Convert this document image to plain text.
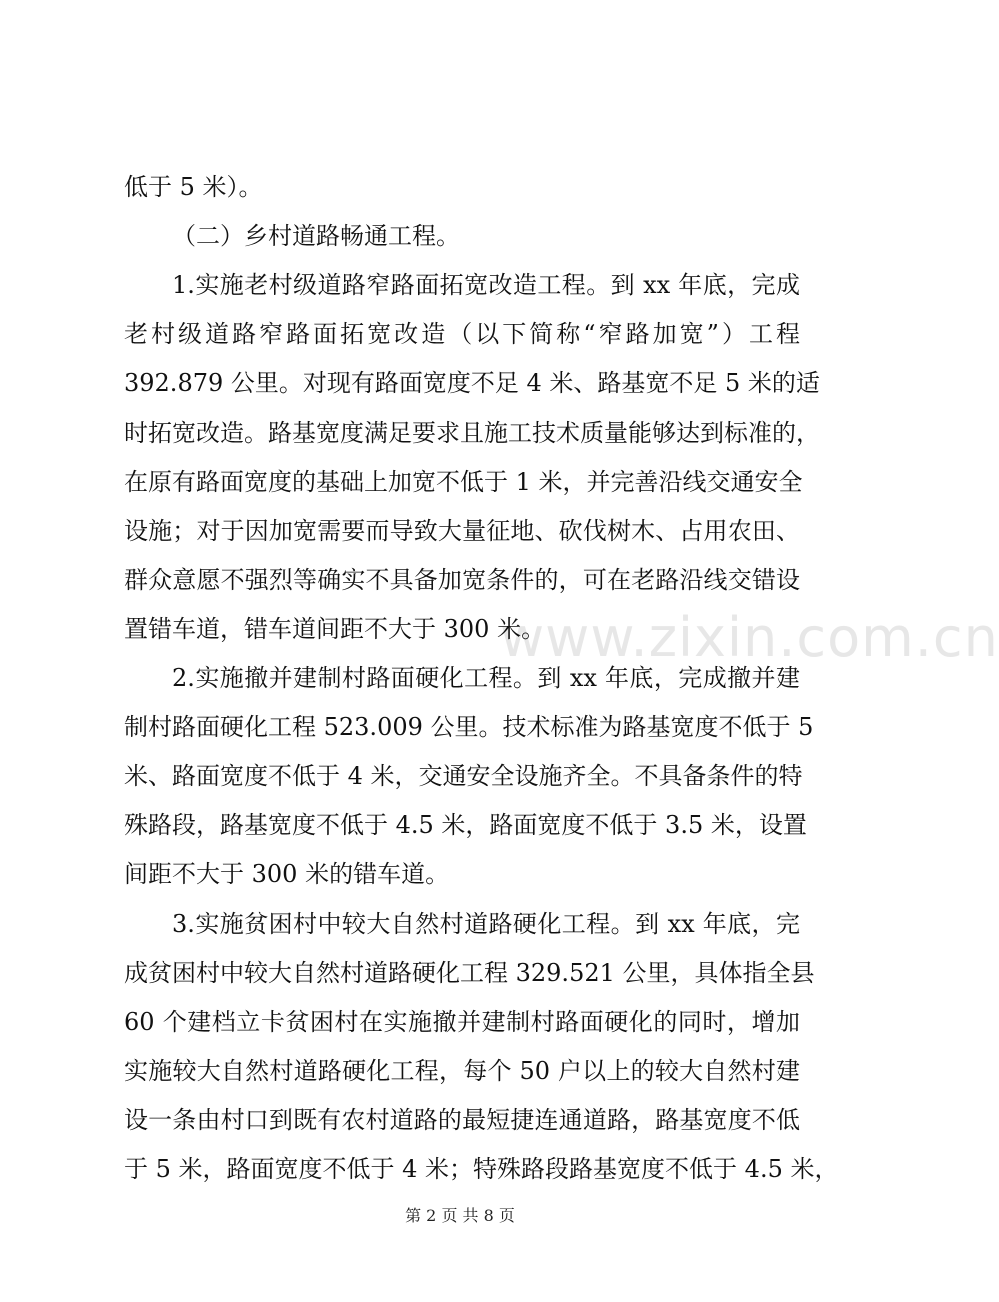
www.zixin.com.cn
低于 5 米）。
（二）乡村道路畅通工程。
1.实施老村级道路窄路面拓宽改造工程。到 xx 年底，完成
老村级道路窄路面拓宽改造（以下简称“窄路加宽”）工程
392.879 公里。对现有路面宽度不足 4 米、路基宽不足 5 米的适
时拓宽改造。路基宽度满足要求且施工技术质量能够达到标准的，
在原有路面宽度的基础上加宽不低于 1 米，并完善沿线交通安全
设施；对于因加宽需要而导致大量征地、砍伐树木、占用农田、
群众意愿不强烈等确实不具备加宽条件的，可在老路沿线交错设
置错车道，错车道间距不大于 300 米。
2.实施撤并建制村路面硬化工程。到 xx 年底，完成撤并建
制村路面硬化工程 523.009 公里。技术标准为路基宽度不低于 5
米、路面宽度不低于 4 米，交通安全设施齐全。不具备条件的特
殊路段，路基宽度不低于 4.5 米，路面宽度不低于 3.5 米，设置
间距不大于 300 米的错车道。
3.实施贫困村中较大自然村道路硬化工程。到 xx 年底，完
成贫困村中较大自然村道路硬化工程 329.521 公里，具体指全县
60 个建档立卡贫困村在实施撤并建制村路面硬化的同时，增加
实施较大自然村道路硬化工程，每个 50 户以上的较大自然村建
设一条由村口到既有农村道路的最短捷连通道路，路基宽度不低
于 5 米，路面宽度不低于 4 米；特殊路段路基宽度不低于 4.5 米，
第 2 页 共 8 页
